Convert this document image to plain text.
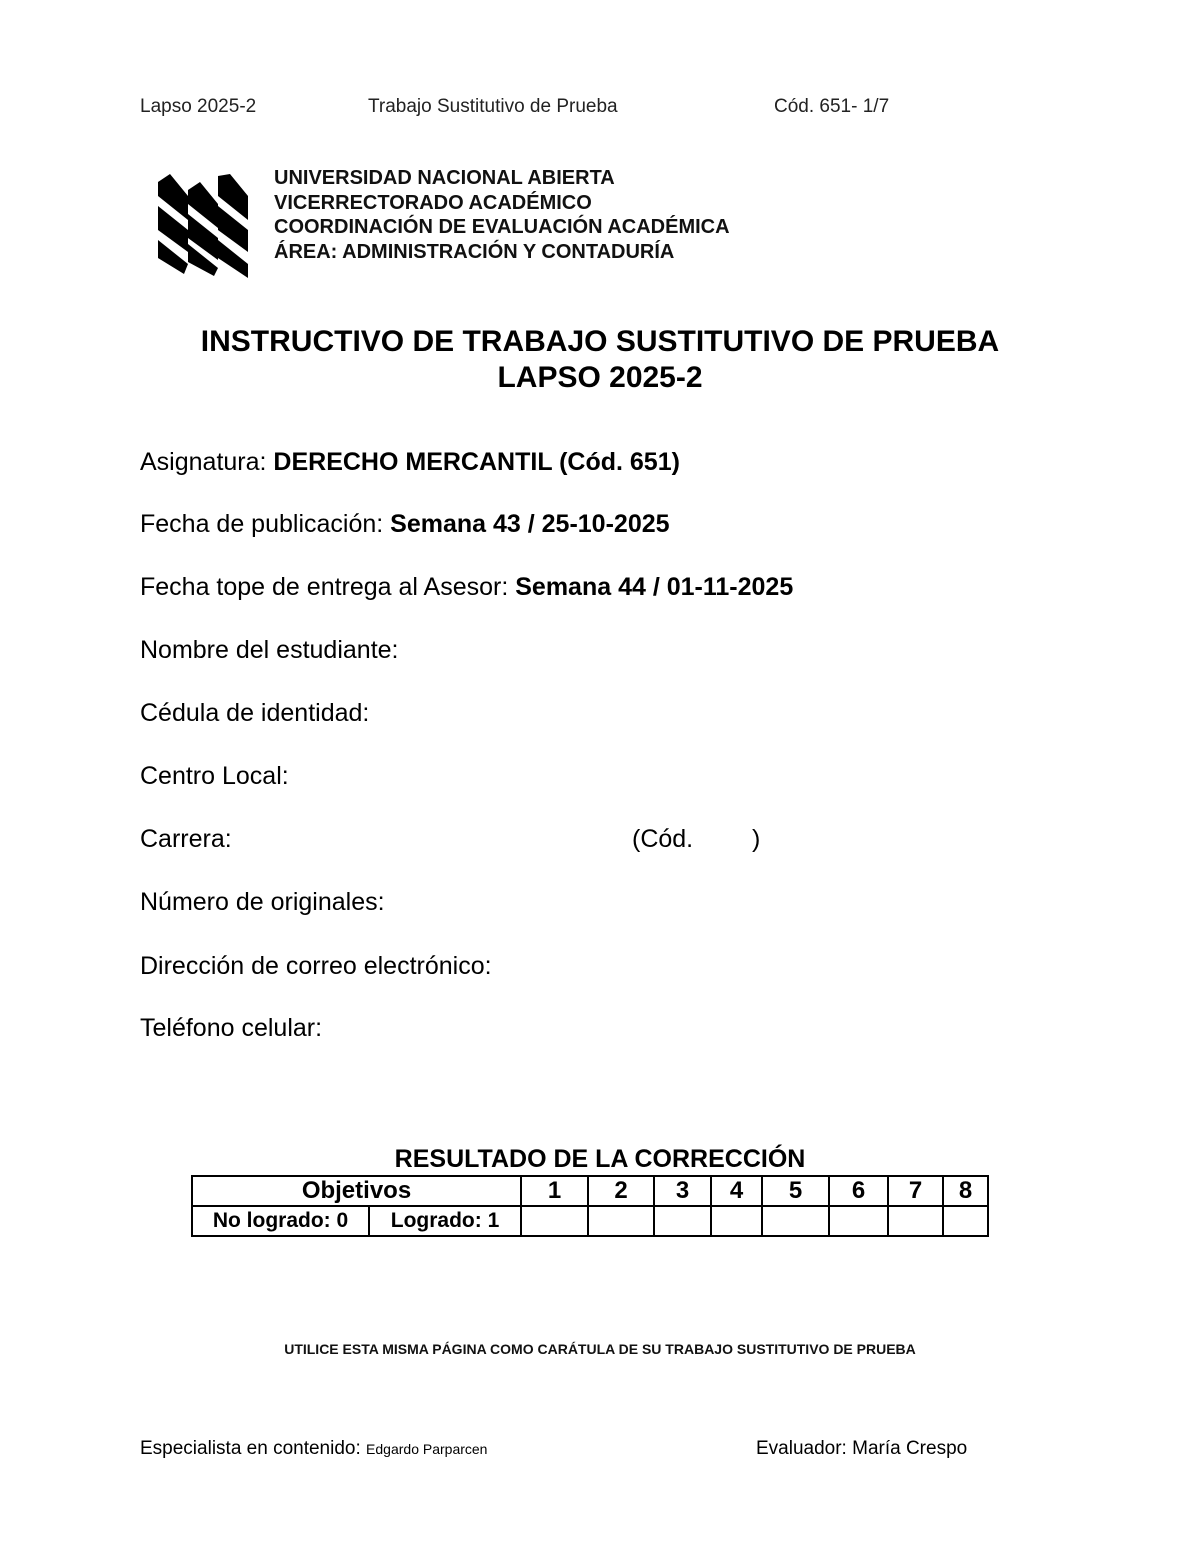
Lapso 2025-2	Trabajo Sustitutivo de Prueba	Cód. 651- 1/7
UNIVERSIDAD NACIONAL ABIERTA
VICERRECTORADO ACADÉMICO
COORDINACIÓN DE EVALUACIÓN ACADÉMICA
ÁREA: ADMINISTRACIÓN Y CONTADURÍA
INSTRUCTIVO DE TRABAJO SUSTITUTIVO DE PRUEBA
LAPSO 2025-2
Asignatura: DERECHO MERCANTIL (Cód. 651)
Fecha de publicación: Semana 43 / 25-10-2025
Fecha tope de entrega al Asesor: Semana 44 / 01-11-2025
Nombre del estudiante:
Cédula de identidad:
Centro Local:
Carrera:	(Cód. )
Número de originales:
Dirección de correo electrónico:
Teléfono celular:
RESULTADO DE LA CORRECCIÓN
Objetivos		1	2	3	4	5	6	7	8
No logrado: 0	Logrado: 1								
UTILICE ESTA MISMA PÁGINA COMO CARÁTULA DE SU TRABAJO SUSTITUTIVO DE PRUEBA
Especialista en contenido: Edgardo Parparcen	Evaluador: María Crespo
